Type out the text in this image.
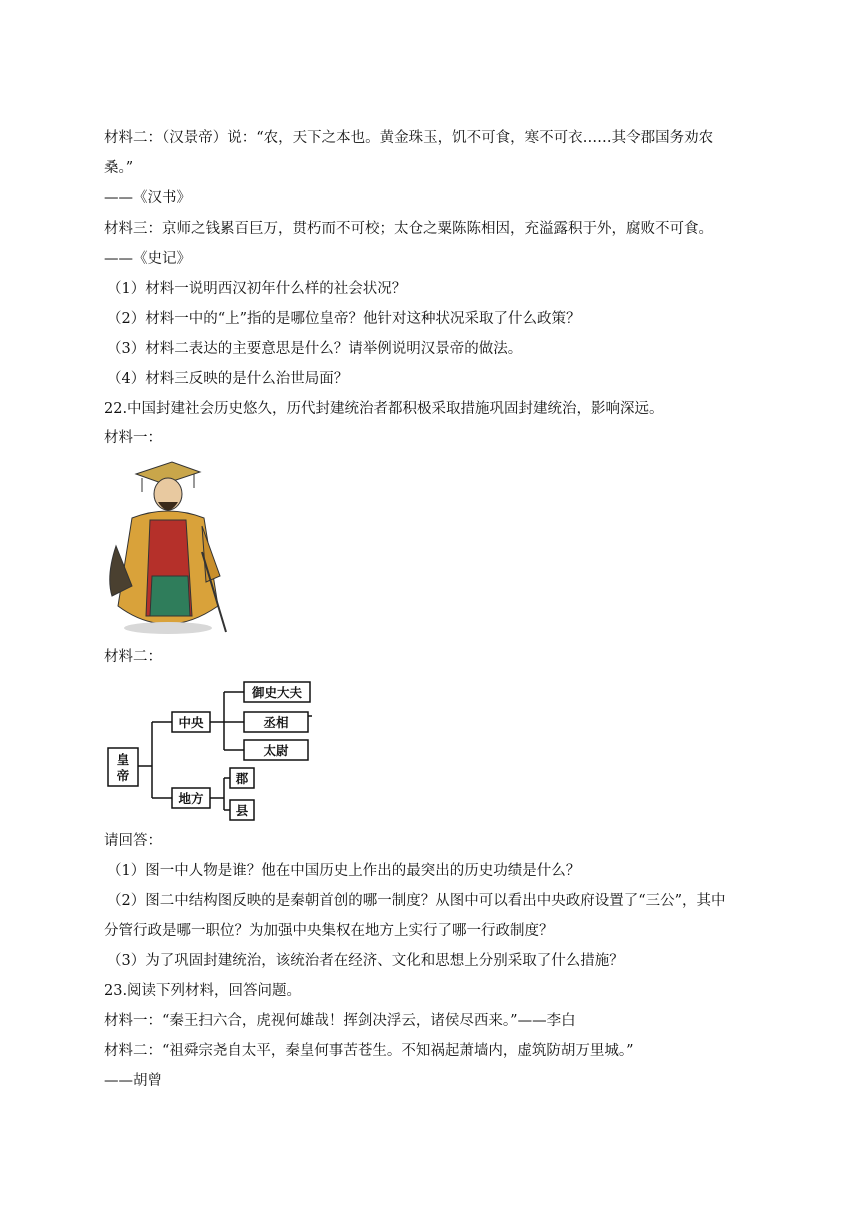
材料二：（汉景帝）说：“农，天下之本也。黄金珠玉，饥不可食，寒不可衣……其令郡国务劝农
桑。”
——《汉书》
材料三：京师之钱累百巨万，贯朽而不可校；太仓之粟陈陈相因，充溢露积于外，腐败不可食。
——《史记》
（1）材料一说明西汉初年什么样的社会状况？
（2）材料一中的“上”指的是哪位皇帝？他针对这种状况采取了什么政策？
（3）材料二表达的主要意思是什么？请举例说明汉景帝的做法。
（4）材料三反映的是什么治世局面？
22.中国封建社会历史悠久，历代封建统治者都积极采取措施巩固封建统治，影响深远。
材料一：
材料二：
皇
帝
中央
地方
御史大夫
丞相
太尉
郡
县
请回答：
（1）图一中人物是谁？他在中国历史上作出的最突出的历史功绩是什么？
（2）图二中结构图反映的是秦朝首创的哪一制度？从图中可以看出中央政府设置了“三公”，其中
分管行政是哪一职位？为加强中央集权在地方上实行了哪一行政制度？
（3）为了巩固封建统治，该统治者在经济、文化和思想上分别采取了什么措施？
23.阅读下列材料，回答问题。
材料一：“秦王扫六合，虎视何雄哉！挥剑决浮云，诸侯尽西来。”——李白
材料二：“祖舜宗尧自太平，秦皇何事苦苍生。不知祸起萧墙内，虚筑防胡万里城。”
——胡曾
